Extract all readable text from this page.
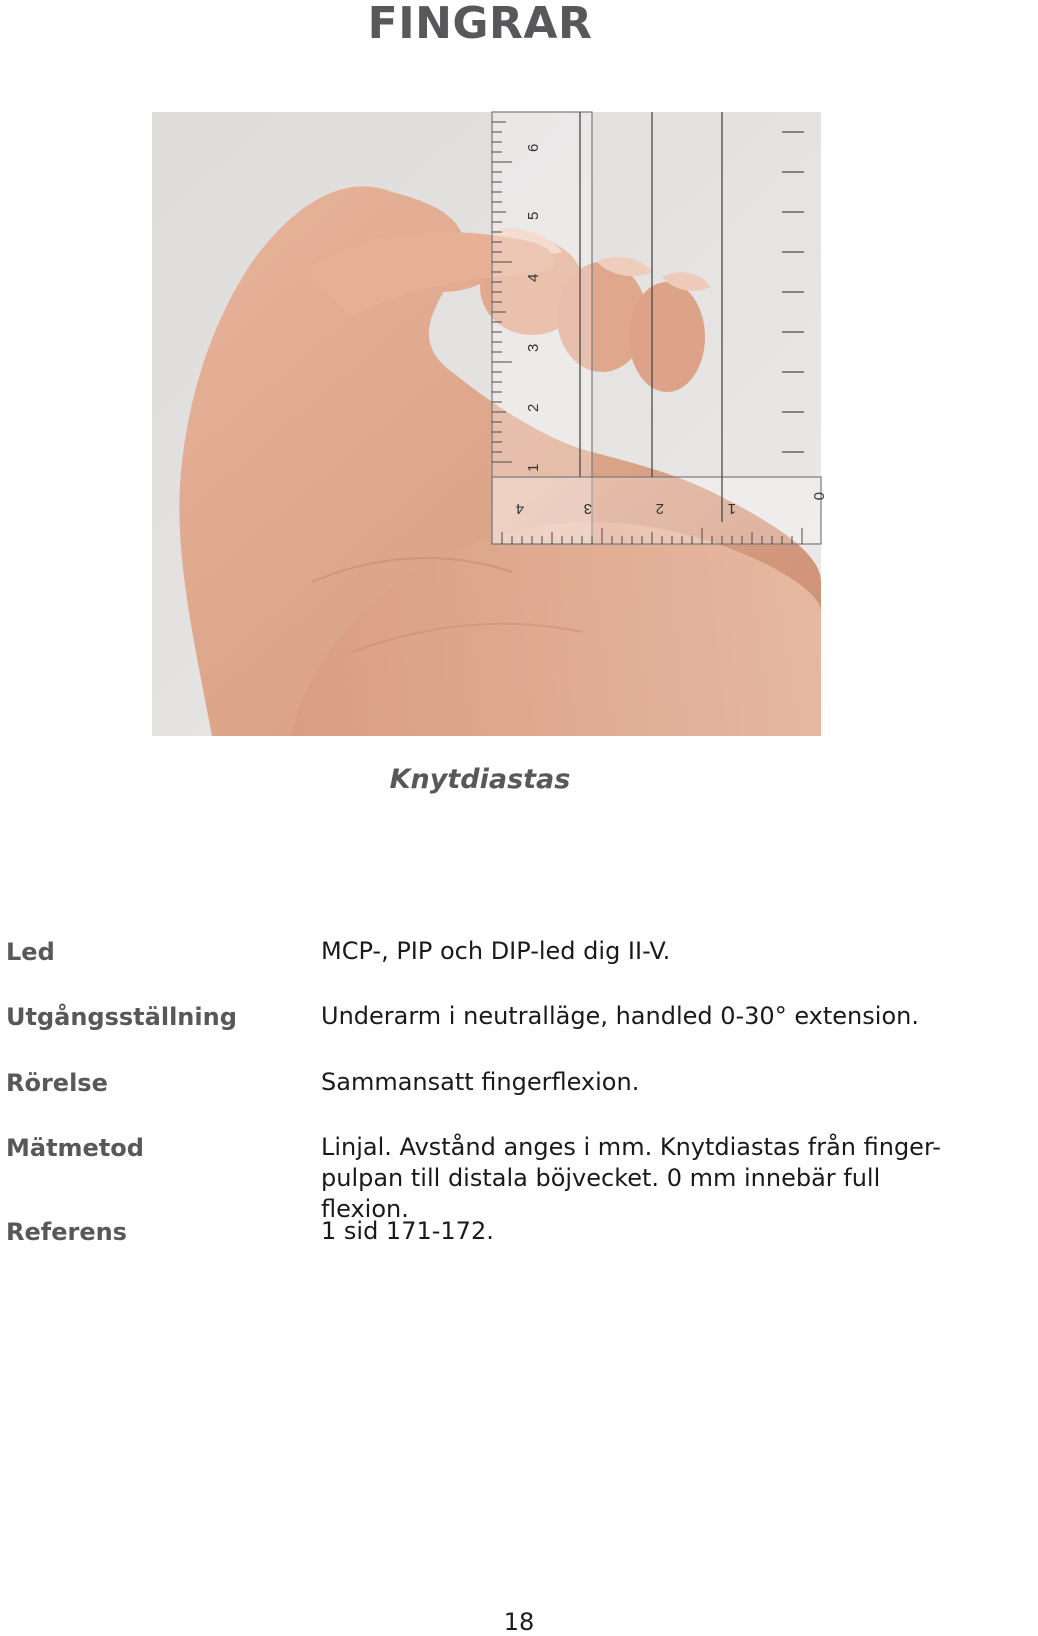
FINGRAR
1
2
3
4
5
6
4	3	2	1
0
Knytdiastas
Led	MCP-, PIP och DIP-led dig II-V.
Utgångsställning	Underarm i neutralläge, handled 0-30° extension.
Rörelse	Sammansatt fingerflexion.
Mätmetod	Linjal. Avstånd anges i mm. Knytdiastas från finger-pulpan till distala böjvecket. 0 mm innebär full flexion.
Referens	1 sid 171-172.
18
